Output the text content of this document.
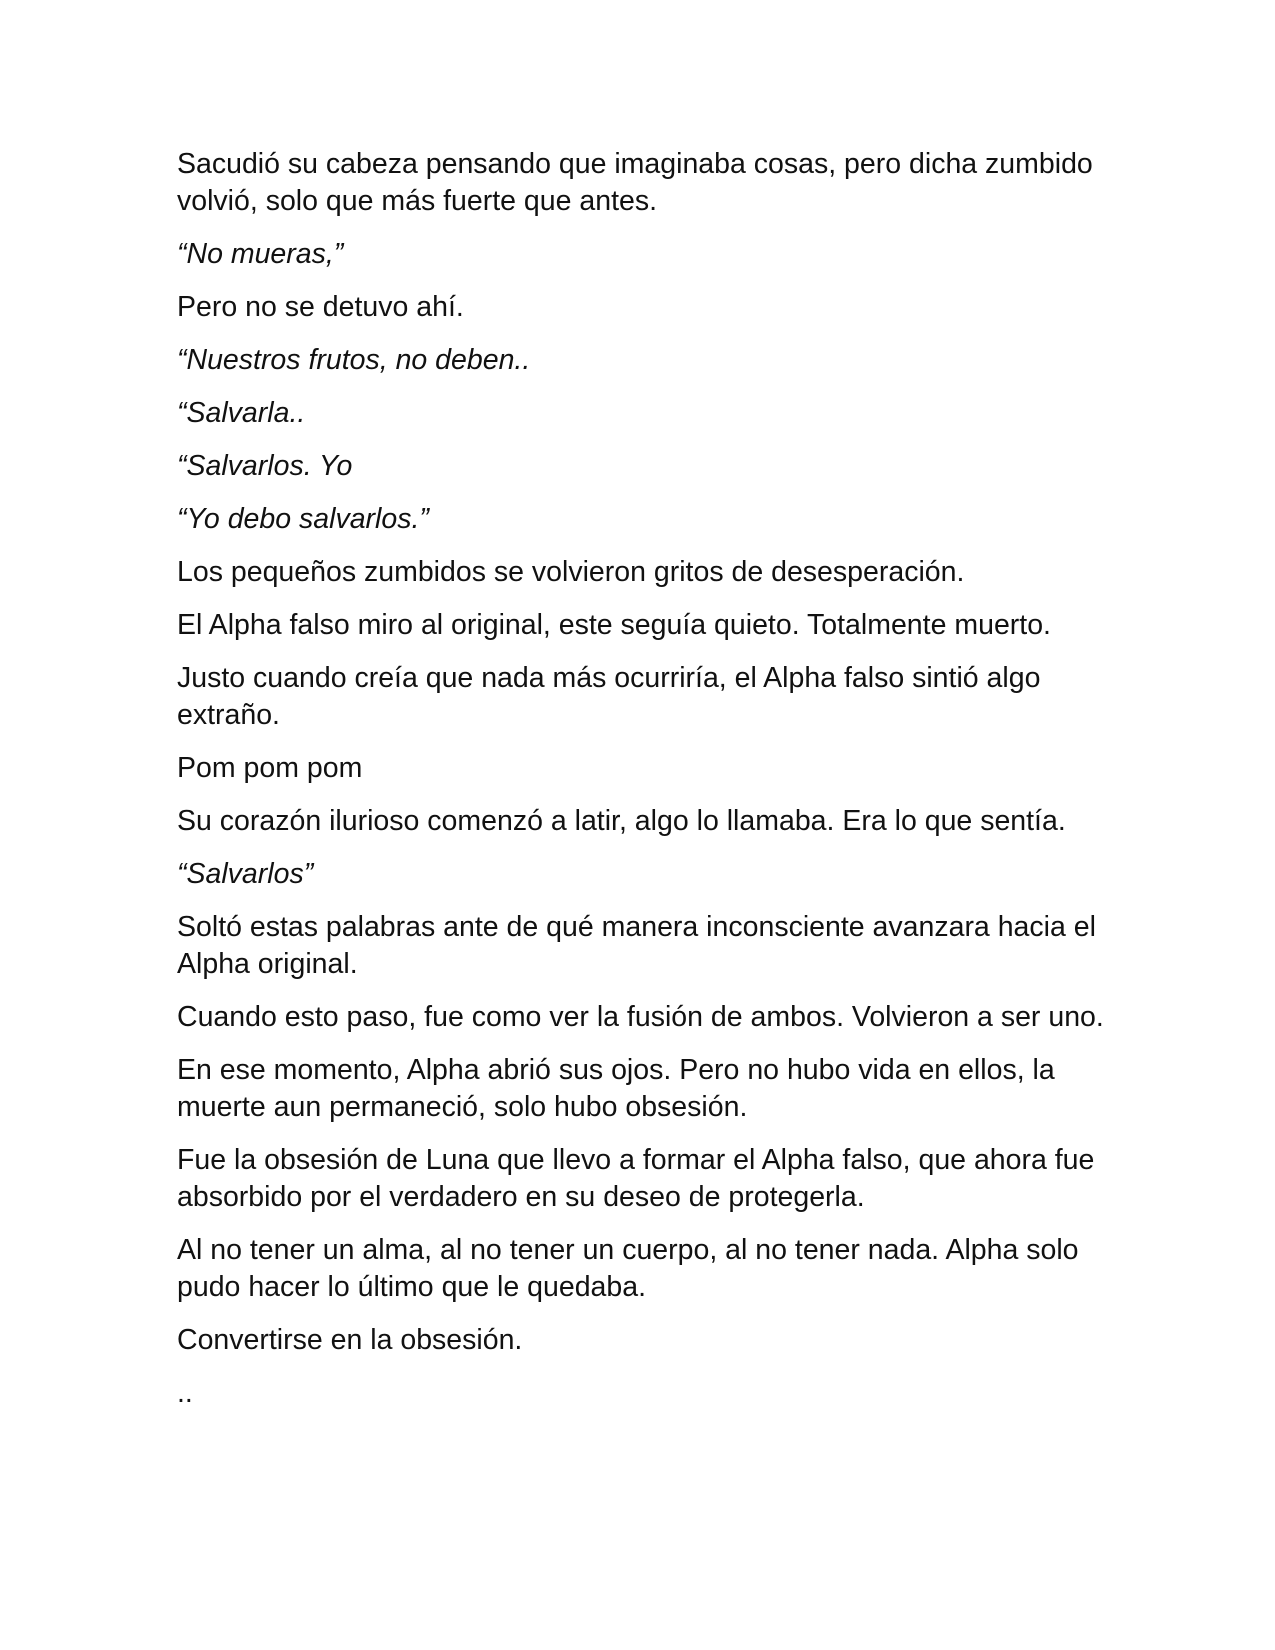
Sacudió su cabeza pensando que imaginaba cosas, pero dicha zumbido volvió, solo que más fuerte que antes.

“No mueras,”

Pero no se detuvo ahí.

“Nuestros frutos, no deben..

“Salvarla..

“Salvarlos. Yo

“Yo debo salvarlos.”

Los pequeños zumbidos se volvieron gritos de desesperación.

El Alpha falso miro al original, este seguía quieto. Totalmente muerto.

Justo cuando creía que nada más ocurriría, el Alpha falso sintió algo extraño.

Pom pom pom

Su corazón ilurioso comenzó a latir, algo lo llamaba. Era lo que sentía.

“Salvarlos”

Soltó estas palabras ante de qué manera inconsciente avanzara hacia el Alpha original.

Cuando esto paso, fue como ver la fusión de ambos. Volvieron a ser uno.

En ese momento, Alpha abrió sus ojos. Pero no hubo vida en ellos, la muerte aun permaneció, solo hubo obsesión.

Fue la obsesión de Luna que llevo a formar el Alpha falso, que ahora fue absorbido por el verdadero en su deseo de protegerla.

Al no tener un alma, al no tener un cuerpo, al no tener nada. Alpha solo pudo hacer lo último que le quedaba.

Convertirse en la obsesión.

..
